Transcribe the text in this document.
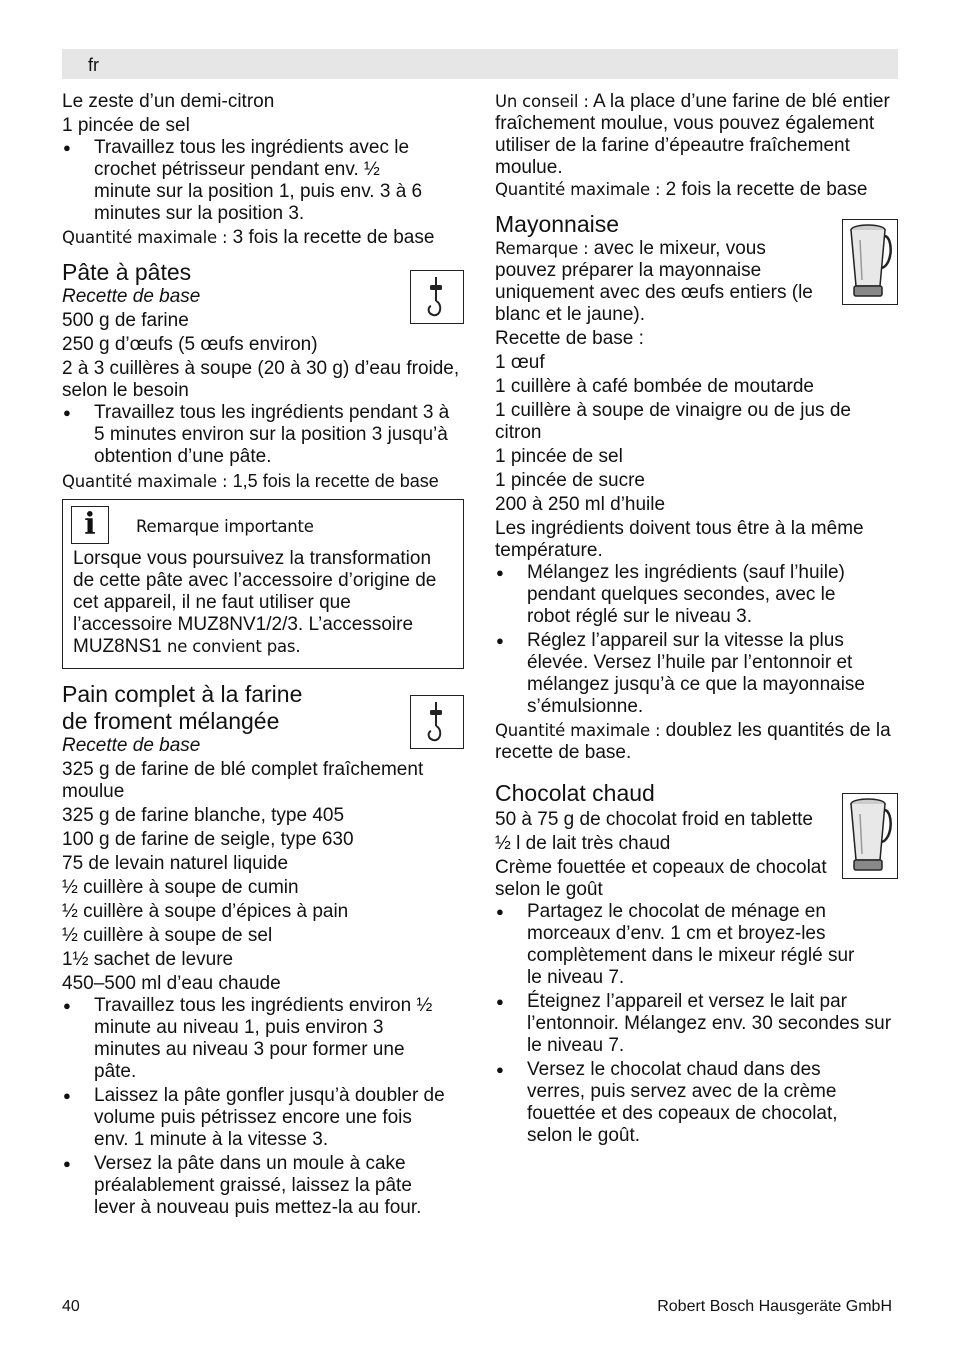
fr

Le zeste d’un demi-citron

1 pincée de sel

● Travaillez tous les ingrédients avec le crochet pétrisseur pendant env. ½ minute sur la position 1, puis env. 3 à 6 minutes sur la position 3.

Quantité maximale : 3 fois la recette de base

Pâte à pâtes

Recette de base

500 g de farine

250 g d’œufs (5 œufs environ)

2 à 3 cuillères à soupe (20 à 30 g) d’eau froide, selon le besoin

● Travaillez tous les ingrédients pendant 3 à 5 minutes environ sur la position 3 jusqu’à obtention d’une pâte.

Quantité maximale : 1,5 fois la recette de base

i	Remarque importante

Lorsque vous poursuivez la transformation de cette pâte avec l’accessoire d’origine de cet appareil, il ne faut utiliser que l’accessoire MUZ8NV1/2/3. L’accessoire MUZ8NS1 ne convient pas.

Pain complet à la farine
de froment mélangée

Recette de base

325 g de farine de blé complet fraîchement moulue

325 g de farine blanche, type 405

100 g de farine de seigle, type 630

75 de levain naturel liquide

½ cuillère à soupe de cumin

½ cuillère à soupe d’épices à pain

½ cuillère à soupe de sel

1½ sachet de levure

450–500 ml d’eau chaude

● Travaillez tous les ingrédients environ ½ minute au niveau 1, puis environ 3 minutes au niveau 3 pour former une pâte.
● Laissez la pâte gonfler jusqu’à doubler de volume puis pétrissez encore une fois env. 1 minute à la vitesse 3.
● Versez la pâte dans un moule à cake préalablement graissé, laissez la pâte lever à nouveau puis mettez-la au four.

Un conseil : A la place d’une farine de blé entier fraîchement moulue, vous pouvez également utiliser de la farine d’épeautre fraîchement moulue.

Quantité maximale : 2 fois la recette de base

Mayonnaise

Remarque : avec le mixeur, vous pouvez préparer la mayonnaise uniquement avec des œufs entiers (le blanc et le jaune).

Recette de base :

1 œuf

1 cuillère à café bombée de moutarde

1 cuillère à soupe de vinaigre ou de jus de citron

1 pincée de sel

1 pincée de sucre

200 à 250 ml d’huile

Les ingrédients doivent tous être à la même température.

● Mélangez les ingrédients (sauf l’huile) pendant quelques secondes, avec le robot réglé sur le niveau 3.
● Réglez l’appareil sur la vitesse la plus élevée. Versez l’huile par l’entonnoir et mélangez jusqu’à ce que la mayonnaise s’émulsionne.

Quantité maximale : doublez les quantités de la recette de base.

Chocolat chaud

50 à 75 g de chocolat froid en tablette

½ l de lait très chaud

Crème fouettée et copeaux de chocolat selon le goût

● Partagez le chocolat de ménage en morceaux d’env. 1 cm et broyez-les complètement dans le mixeur réglé sur le niveau 7.
● Éteignez l’appareil et versez le lait par l’entonnoir. Mélangez env. 30 secondes sur le niveau 7.
● Versez le chocolat chaud dans des verres, puis servez avec de la crème fouettée et des copeaux de chocolat, selon le goût.
40	Robert Bosch Hausgeräte GmbH
